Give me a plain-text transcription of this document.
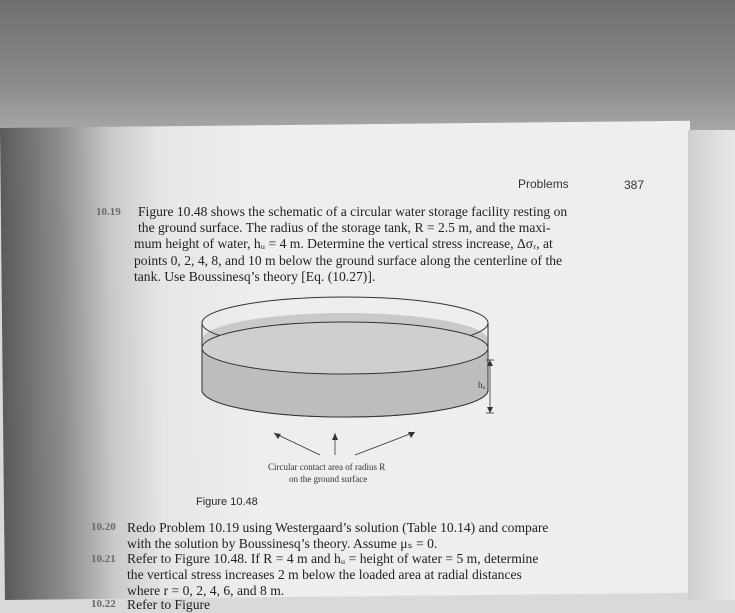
Problems	387
10.19 Figure 10.48 shows the schematic of a circular water storage facility resting on
the ground surface. The radius of the storage tank, R = 2.5 m, and the maxi-
mum height of water, hᵤ = 4 m. Determine the vertical stress increase, Δσᵣ, at
points 0, 2, 4, 8, and 10 m below the ground surface along the centerline of the
tank. Use Boussinesq’s theory [Eq. (10.27)].
hᵤ
Circular contact area of radius R
on the ground surface
Figure 10.48
10.20 Redo Problem 10.19 using Westergaard’s solution (Table 10.14) and compare
with the solution by Boussinesq’s theory. Assume μₛ = 0.
10.21 Refer to Figure 10.48. If R = 4 m and hᵤ = height of water = 5 m, determine
the vertical stress increases 2 m below the loaded area at radial distances
where r = 0, 2, 4, 6, and 8 m.
10.22 Refer to Figure
